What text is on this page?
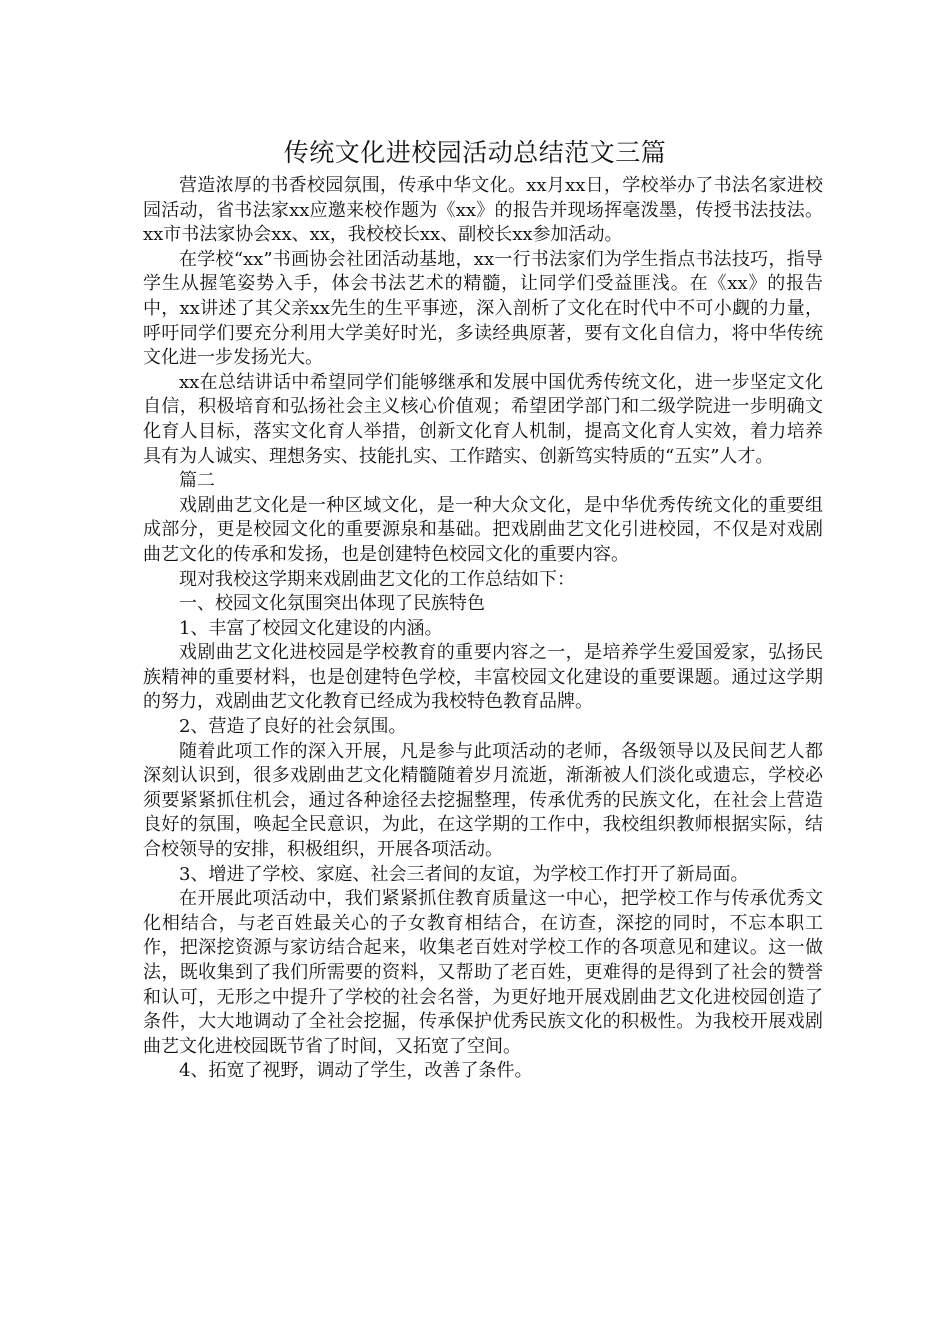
传统文化进校园活动总结范文三篇

营造浓厚的书香校园氛围，传承中华文化。xx月xx日，学校举办了书法名家进校园活动，省书法家xx应邀来校作题为《xx》的报告并现场挥毫泼墨，传授书法技法。xx市书法家协会xx、xx，我校校长xx、副校长xx参加活动。

在学校“xx”书画协会社团活动基地，xx一行书法家们为学生指点书法技巧，指导学生从握笔姿势入手，体会书法艺术的精髓，让同学们受益匪浅。在《xx》的报告中，xx讲述了其父亲xx先生的生平事迹，深入剖析了文化在时代中不可小觑的力量，呼吁同学们要充分利用大学美好时光，多读经典原著，要有文化自信力，将中华传统文化进一步发扬光大。

xx在总结讲话中希望同学们能够继承和发展中国优秀传统文化，进一步坚定文化自信，积极培育和弘扬社会主义核心价值观；希望团学部门和二级学院进一步明确文化育人目标，落实文化育人举措，创新文化育人机制，提高文化育人实效，着力培养具有为人诚实、理想务实、技能扎实、工作踏实、创新笃实特质的“五实”人才。

篇二

戏剧曲艺文化是一种区域文化，是一种大众文化，是中华优秀传统文化的重要组成部分，更是校园文化的重要源泉和基础。把戏剧曲艺文化引进校园，不仅是对戏剧曲艺文化的传承和发扬，也是创建特色校园文化的重要内容。

现对我校这学期来戏剧曲艺文化的工作总结如下：

一、校园文化氛围突出体现了民族特色

1、丰富了校园文化建设的内涵。

戏剧曲艺文化进校园是学校教育的重要内容之一，是培养学生爱国爱家，弘扬民族精神的重要材料，也是创建特色学校，丰富校园文化建设的重要课题。通过这学期的努力，戏剧曲艺文化教育已经成为我校特色教育品牌。

2、营造了良好的社会氛围。

随着此项工作的深入开展，凡是参与此项活动的老师，各级领导以及民间艺人都深刻认识到，很多戏剧曲艺文化精髓随着岁月流逝，渐渐被人们淡化或遗忘，学校必须要紧紧抓住机会，通过各种途径去挖掘整理，传承优秀的民族文化，在社会上营造良好的氛围，唤起全民意识，为此，在这学期的工作中，我校组织教师根据实际，结合校领导的安排，积极组织，开展各项活动。

3、增进了学校、家庭、社会三者间的友谊，为学校工作打开了新局面。

在开展此项活动中，我们紧紧抓住教育质量这一中心，把学校工作与传承优秀文化相结合，与老百姓最关心的子女教育相结合，在访查，深挖的同时，不忘本职工作，把深挖资源与家访结合起来，收集老百姓对学校工作的各项意见和建议。这一做法，既收集到了我们所需要的资料，又帮助了老百姓，更难得的是得到了社会的赞誉和认可，无形之中提升了学校的社会名誉，为更好地开展戏剧曲艺文化进校园创造了条件，大大地调动了全社会挖掘，传承保护优秀民族文化的积极性。为我校开展戏剧曲艺文化进校园既节省了时间，又拓宽了空间。

4、拓宽了视野，调动了学生，改善了条件。
